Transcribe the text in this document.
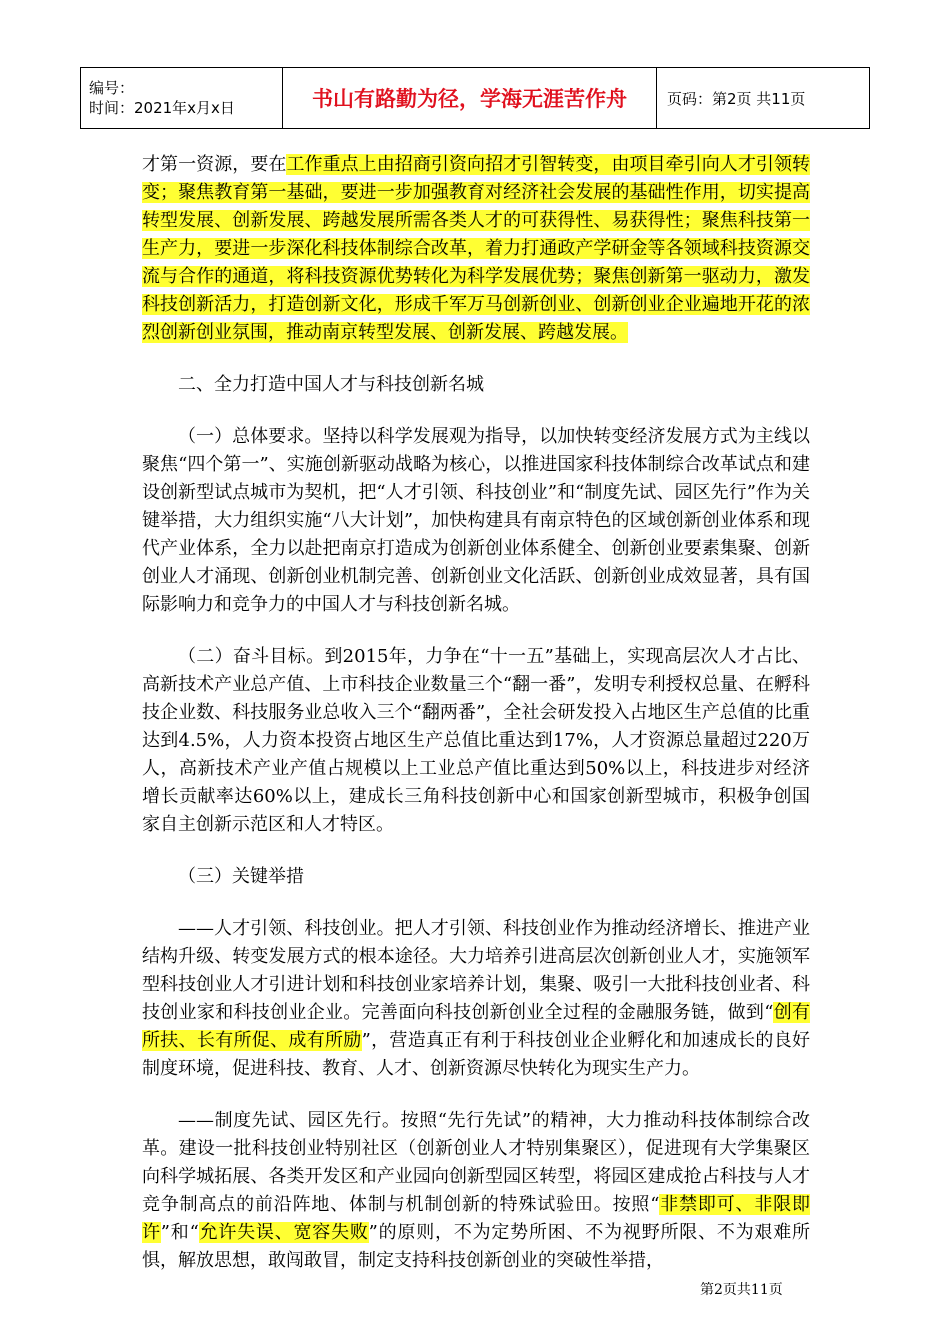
编号：
时间：2021年x月x日	书山有路勤为径，学海无涯苦作舟	页码：第2页 共11页

才第一资源，要在工作重点上由招商引资向招才引智转变，由项目牵引向人才引领转变；聚焦教育第一基础，要进一步加强教育对经济社会发展的基础性作用，切实提高转型发展、创新发展、跨越发展所需各类人才的可获得性、易获得性；聚焦科技第一生产力，要进一步深化科技体制综合改革，着力打通政产学研金等各领域科技资源交流与合作的通道，将科技资源优势转化为科学发展优势；聚焦创新第一驱动力，激发科技创新活力，打造创新文化，形成千军万马创新创业、创新创业企业遍地开花的浓烈创新创业氛围，推动南京转型发展、创新发展、跨越发展。

二、全力打造中国人才与科技创新名城

（一）总体要求。坚持以科学发展观为指导，以加快转变经济发展方式为主线以聚焦“四个第一”、实施创新驱动战略为核心，以推进国家科技体制综合改革试点和建设创新型试点城市为契机，把“人才引领、科技创业”和“制度先试、园区先行”作为关键举措，大力组织实施“八大计划”，加快构建具有南京特色的区域创新创业体系和现代产业体系，全力以赴把南京打造成为创新创业体系健全、创新创业要素集聚、创新创业人才涌现、创新创业机制完善、创新创业文化活跃、创新创业成效显著，具有国际影响力和竞争力的中国人才与科技创新名城。

（二）奋斗目标。到2015年，力争在“十一五”基础上，实现高层次人才占比、高新技术产业总产值、上市科技企业数量三个“翻一番”，发明专利授权总量、在孵科技企业数、科技服务业总收入三个“翻两番”，全社会研发投入占地区生产总值的比重达到4.5%，人力资本投资占地区生产总值比重达到17%，人才资源总量超过220万人，高新技术产业产值占规模以上工业总产值比重达到50%以上，科技进步对经济增长贡献率达60%以上，建成长三角科技创新中心和国家创新型城市，积极争创国家自主创新示范区和人才特区。

（三）关键举措

——人才引领、科技创业。把人才引领、科技创业作为推动经济增长、推进产业结构升级、转变发展方式的根本途径。大力培养引进高层次创新创业人才，实施领军型科技创业人才引进计划和科技创业家培养计划，集聚、吸引一大批科技创业者、科技创业家和科技创业企业。完善面向科技创新创业全过程的金融服务链，做到“创有所扶、长有所促、成有所励”，营造真正有利于科技创业企业孵化和加速成长的良好制度环境，促进科技、教育、人才、创新资源尽快转化为现实生产力。

——制度先试、园区先行。按照“先行先试”的精神，大力推动科技体制综合改革。建设一批科技创业特别社区（创新创业人才特别集聚区），促进现有大学集聚区向科学城拓展、各类开发区和产业园向创新型园区转型，将园区建成抢占科技与人才竞争制高点的前沿阵地、体制与机制创新的特殊试验田。按照“非禁即可、非限即许”和“允许失误、宽容失败”的原则，不为定势所困、不为视野所限、不为艰难所惧，解放思想，敢闯敢冒，制定支持科技创新创业的突破性举措，

第2页共11页
